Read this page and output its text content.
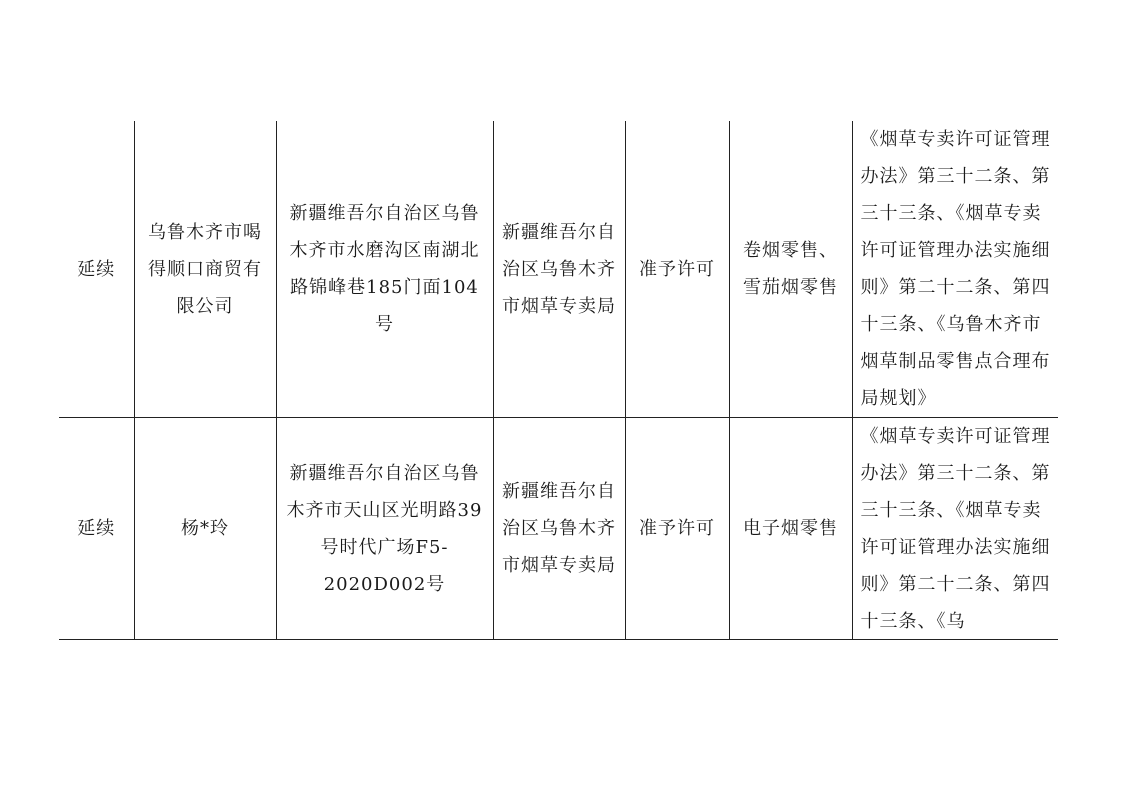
延续	乌鲁木齐市喝得顺口商贸有限公司	新疆维吾尔自治区乌鲁木齐市水磨沟区南湖北路锦峰巷185门面104号	新疆维吾尔自治区乌鲁木齐市烟草专卖局	准予许可	卷烟零售、雪茄烟零售	《烟草专卖许可证管理办法》第三十二条、第三十三条、《烟草专卖许可证管理办法实施细则》第二十二条、第四十三条、《乌鲁木齐市烟草制品零售点合理布局规划》
延续	杨*玲	新疆维吾尔自治区乌鲁木齐市天山区光明路39号时代广场F5-2020D002号	新疆维吾尔自治区乌鲁木齐市烟草专卖局	准予许可	电子烟零售	《烟草专卖许可证管理办法》第三十二条、第三十三条、《烟草专卖许可证管理办法实施细则》第二十二条、第四十三条、《乌
